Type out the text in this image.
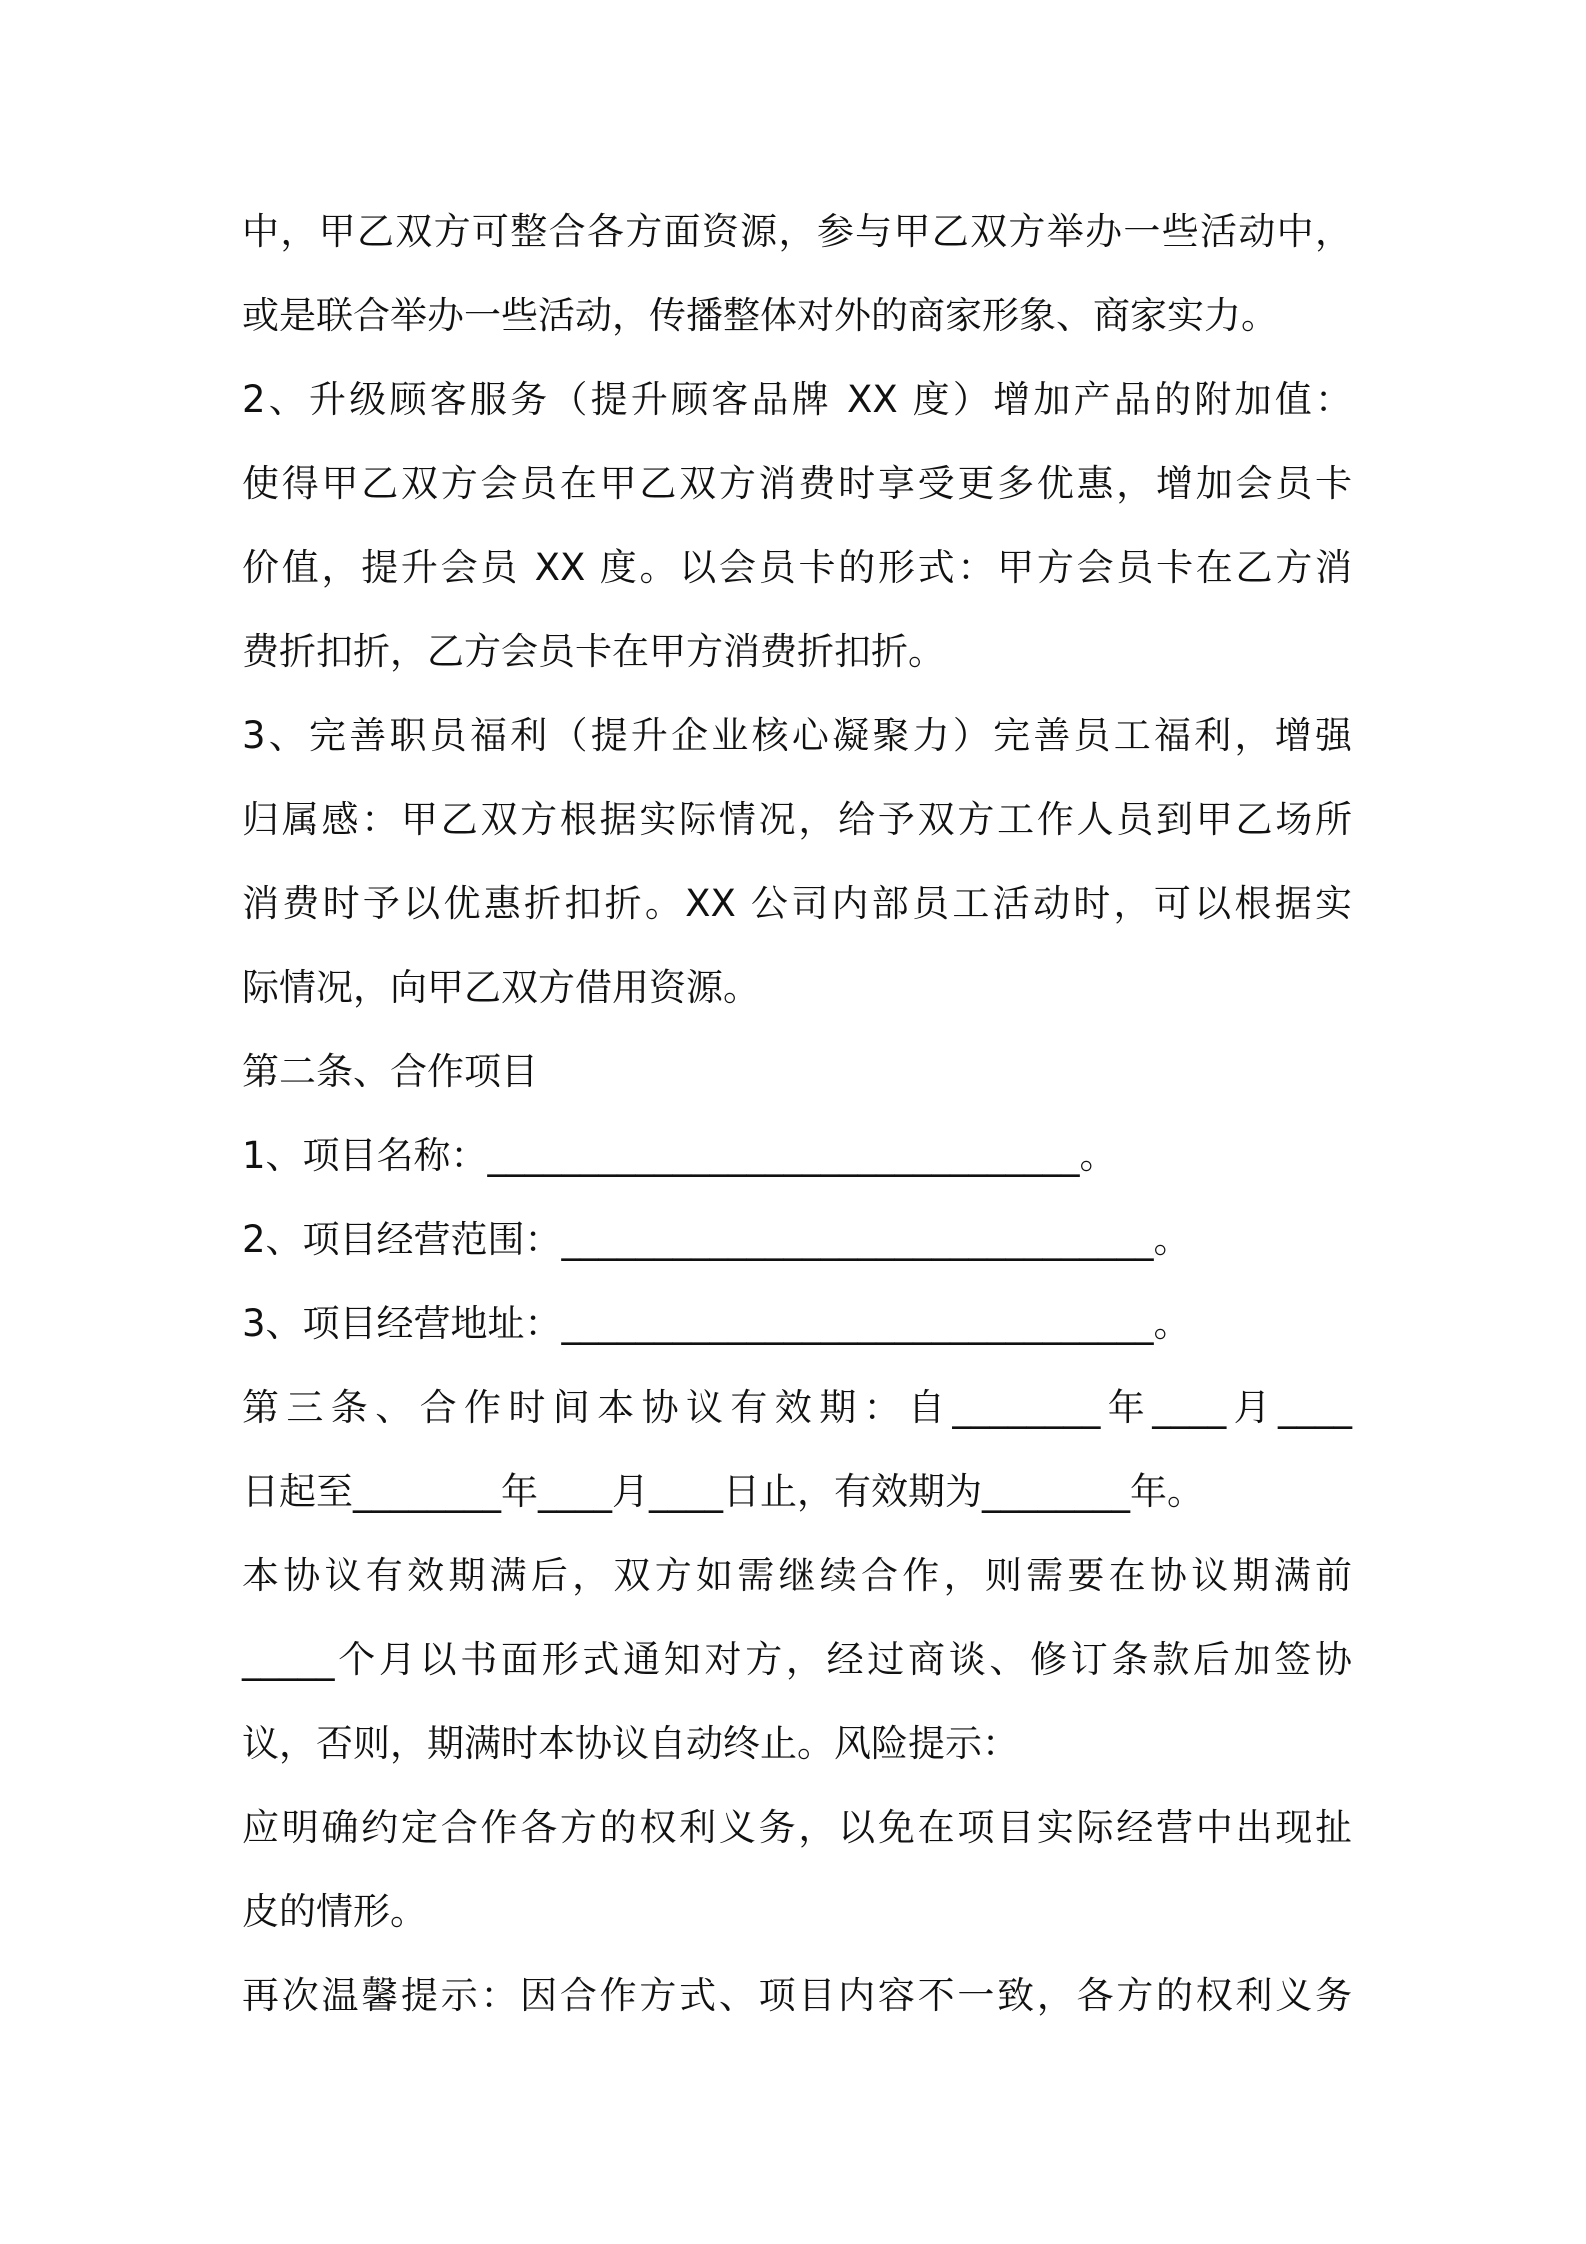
中，甲乙双方可整合各方面资源，参与甲乙双方举办一些活动中，
或是联合举办一些活动，传播整体对外的商家形象、商家实力。
2、升级顾客服务（提升顾客品牌 XX 度）增加产品的附加值：
使得甲乙双方会员在甲乙双方消费时享受更多优惠，增加会员卡
价值，提升会员 XX 度。以会员卡的形式：甲方会员卡在乙方消
费折扣折，乙方会员卡在甲方消费折扣折。
3、完善职员福利（提升企业核心凝聚力）完善员工福利，增强
归属感：甲乙双方根据实际情况，给予双方工作人员到甲乙场所
消费时予以优惠折扣折。XX 公司内部员工活动时，可以根据实
际情况，向甲乙双方借用资源。
第二条、合作项目
1、项目名称：________________________________。
2、项目经营范围：________________________________。
3、项目经营地址：________________________________。
第三条、合作时间本协议有效期：自________年____月____
日起至________年____月____日止，有效期为________年。
本协议有效期满后，双方如需继续合作，则需要在协议期满前
_____个月以书面形式通知对方，经过商谈、修订条款后加签协
议，否则，期满时本协议自动终止。风险提示：
应明确约定合作各方的权利义务，以免在项目实际经营中出现扯
皮的情形。
再次温馨提示：因合作方式、项目内容不一致，各方的权利义务
